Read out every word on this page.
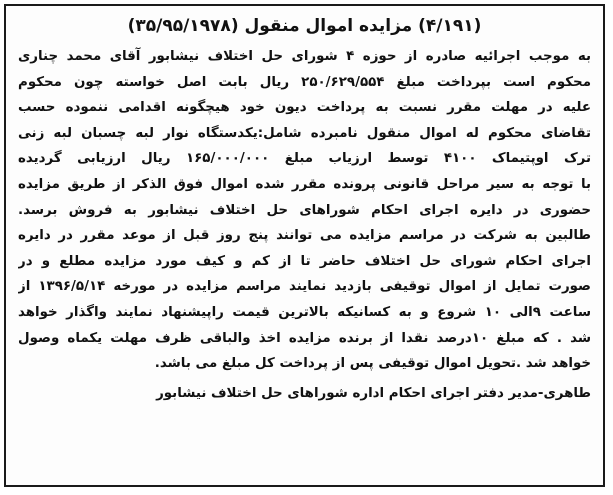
(۴/۱۹۱) مزایده اموال منقول (۳۵/۹۵/۱۹۷۸)
به موجب اجرائیه صادره از حوزه ۴ شورای حل اختلاف نیشابور آقای محمد چناری
محکوم است بپرداخت مبلغ ۲۵۰/۶۲۹/۵۵۴ ریال بابت اصل خواسته چون محکوم
علیه در مهلت مقرر نسبت به پرداخت دیون خود هیچگونه اقدامی ننموده حسب
تقاضای محکوم له اموال منقول نامبرده شامل:یکدستگاه نوار لبه چسبان لبه زنی
ترک اوپتیماک ۴۱۰۰ توسط ارزیاب مبلغ ۱۶۵/۰۰۰/۰۰۰ ریال ارزیابی گردیده
با توجه به سیر مراحل قانونی پرونده مقرر شده اموال فوق الذکر از طریق مزایده
حضوری در دایره اجرای احکام شوراهای حل اختلاف نیشابور به فروش برسد.
طالبین به شرکت در مراسم مزایده می توانند پنج روز قبل از موعد مقرر در دایره
اجرای احکام شورای حل اختلاف حاضر تا از کم و کیف مورد مزایده مطلع و در
صورت تمایل از اموال توقیفی بازدید نمایند مراسم مزایده در مورخه ۱۳۹۶/۵/۱۴ از
ساعت ۹الی ۱۰ شروع و به کسانیکه بالاترین قیمت راپیشنهاد نمایند واگذار خواهد
شد . که مبلغ ۱۰درصد نقدا از برنده مزایده اخذ والباقی ظرف مهلت یکماه وصول
خواهد شد .تحویل اموال توقیفی پس از پرداخت کل مبلغ می باشد.
طاهری-مدیر دفتر اجرای احکام اداره شوراهای حل اختلاف نیشابور
